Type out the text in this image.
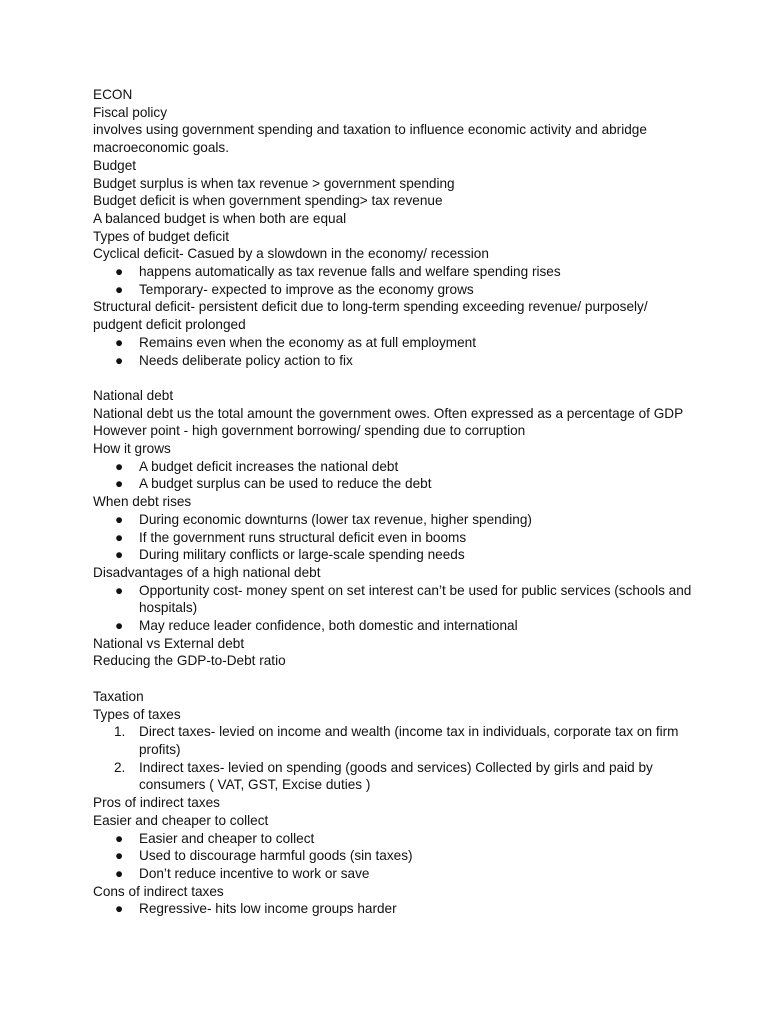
ECON

Fiscal policy

involves using government spending and taxation to influence economic activity and abridge macroeconomic goals.

Budget

Budget surplus is when tax revenue > government spending

Budget deficit is when government spending> tax revenue

A balanced budget is when both are equal

Types of budget deficit

Cyclical deficit- Casued by a slowdown in the economy/ recession

● happens automatically as tax revenue falls and welfare spending rises

● Temporary- expected to improve as the economy grows

Structural deficit- persistent deficit due to long-term spending exceeding revenue/ purposely/ pudgent deficit prolonged

● Remains even when the economy as at full employment

● Needs deliberate policy action to fix

National debt

National debt us the total amount the government owes. Often expressed as a percentage of GDP

However point - high government borrowing/ spending due to corruption

How it grows

● A budget deficit increases the national debt

● A budget surplus can be used to reduce the debt

When debt rises

● During economic downturns (lower tax revenue, higher spending)

● If the government runs structural deficit even in booms

● During military conflicts or large-scale spending needs

Disadvantages of a high national debt

● Opportunity cost- money spent on set interest can’t be used for public services (schools and hospitals)

● May reduce leader confidence, both domestic and international

National vs External debt

Reducing the GDP-to-Debt ratio

Taxation

Types of taxes

1. Direct taxes- levied on income and wealth (income tax in individuals, corporate tax on firm profits)

2. Indirect taxes- levied on spending (goods and services) Collected by girls and paid by consumers ( VAT, GST, Excise duties )

Pros of indirect taxes

Easier and cheaper to collect

● Easier and cheaper to collect

● Used to discourage harmful goods (sin taxes)

● Don’t reduce incentive to work or save

Cons of indirect taxes

● Regressive- hits low income groups harder
